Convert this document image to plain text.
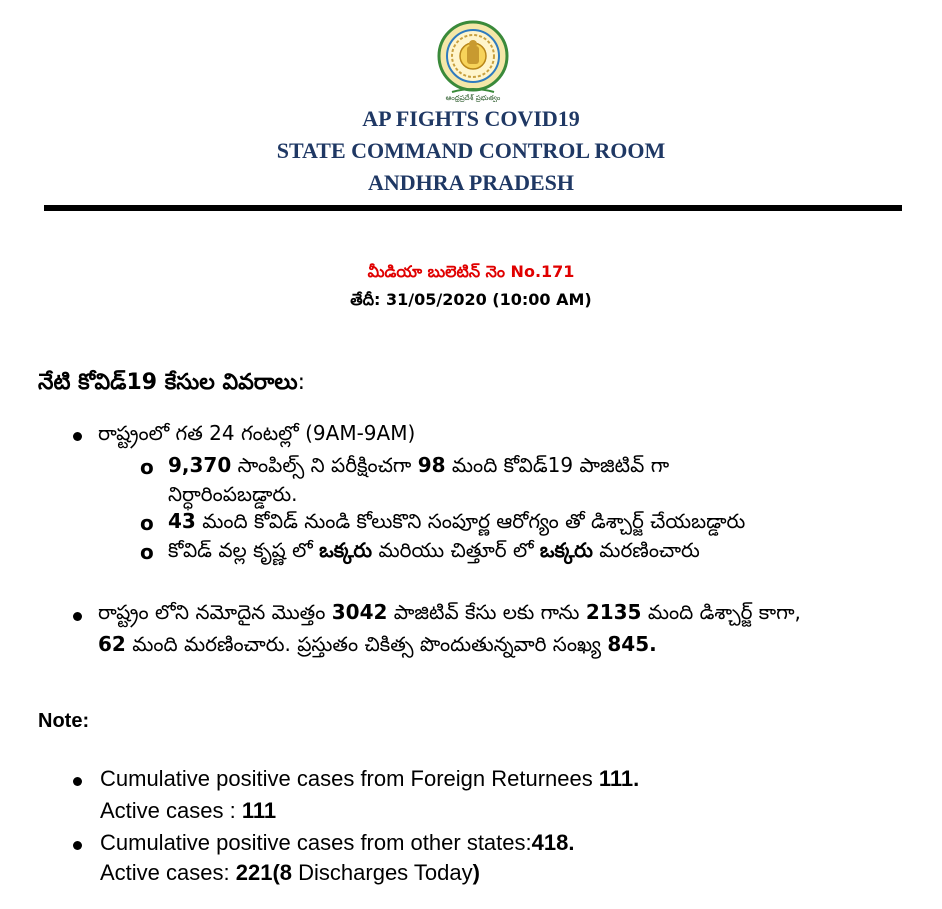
ఆంధ్రప్రదేశ్ ప్రభుత్వం
AP FIGHTS COVID19
STATE COMMAND CONTROL ROOM
ANDHRA PRADESH
మీడియా బులెటిన్ నెం No.171
తేదీ: 31/05/2020 (10:00 AM)
నేటి కోవిడ్19 కేసుల వివరాలు:
రాష్ట్రంలో గత 24 గంటల్లో (9AM-9AM)
o 9,370 సాంపిల్స్ ని పరీక్షించగా 98 మంది కోవిడ్19 పాజిటివ్ గా
నిర్ధారింపబడ్డారు.
o 43 మంది కోవిడ్ నుండి కోలుకొని సంపూర్ణ ఆరోగ్యం తో డిశ్చార్జ్ చేయబడ్డారు
o కోవిడ్ వల్ల కృష్ణ లో ఒక్కరు మరియు చిత్తూర్ లో ఒక్కరు మరణించారు
రాష్ట్రం లోని నమోదైన మొత్తం 3042 పాజిటివ్ కేసు లకు గాను 2135 మంది డిశ్చార్జ్ కాగా,
62 మంది మరణించారు. ప్రస్తుతం చికిత్స పొందుతున్నవారి సంఖ్య 845.
Note:
Cumulative positive cases from Foreign Returnees 111.
Active cases : 111
Cumulative positive cases from other states:418.
Active cases: 221(8 Discharges Today)
